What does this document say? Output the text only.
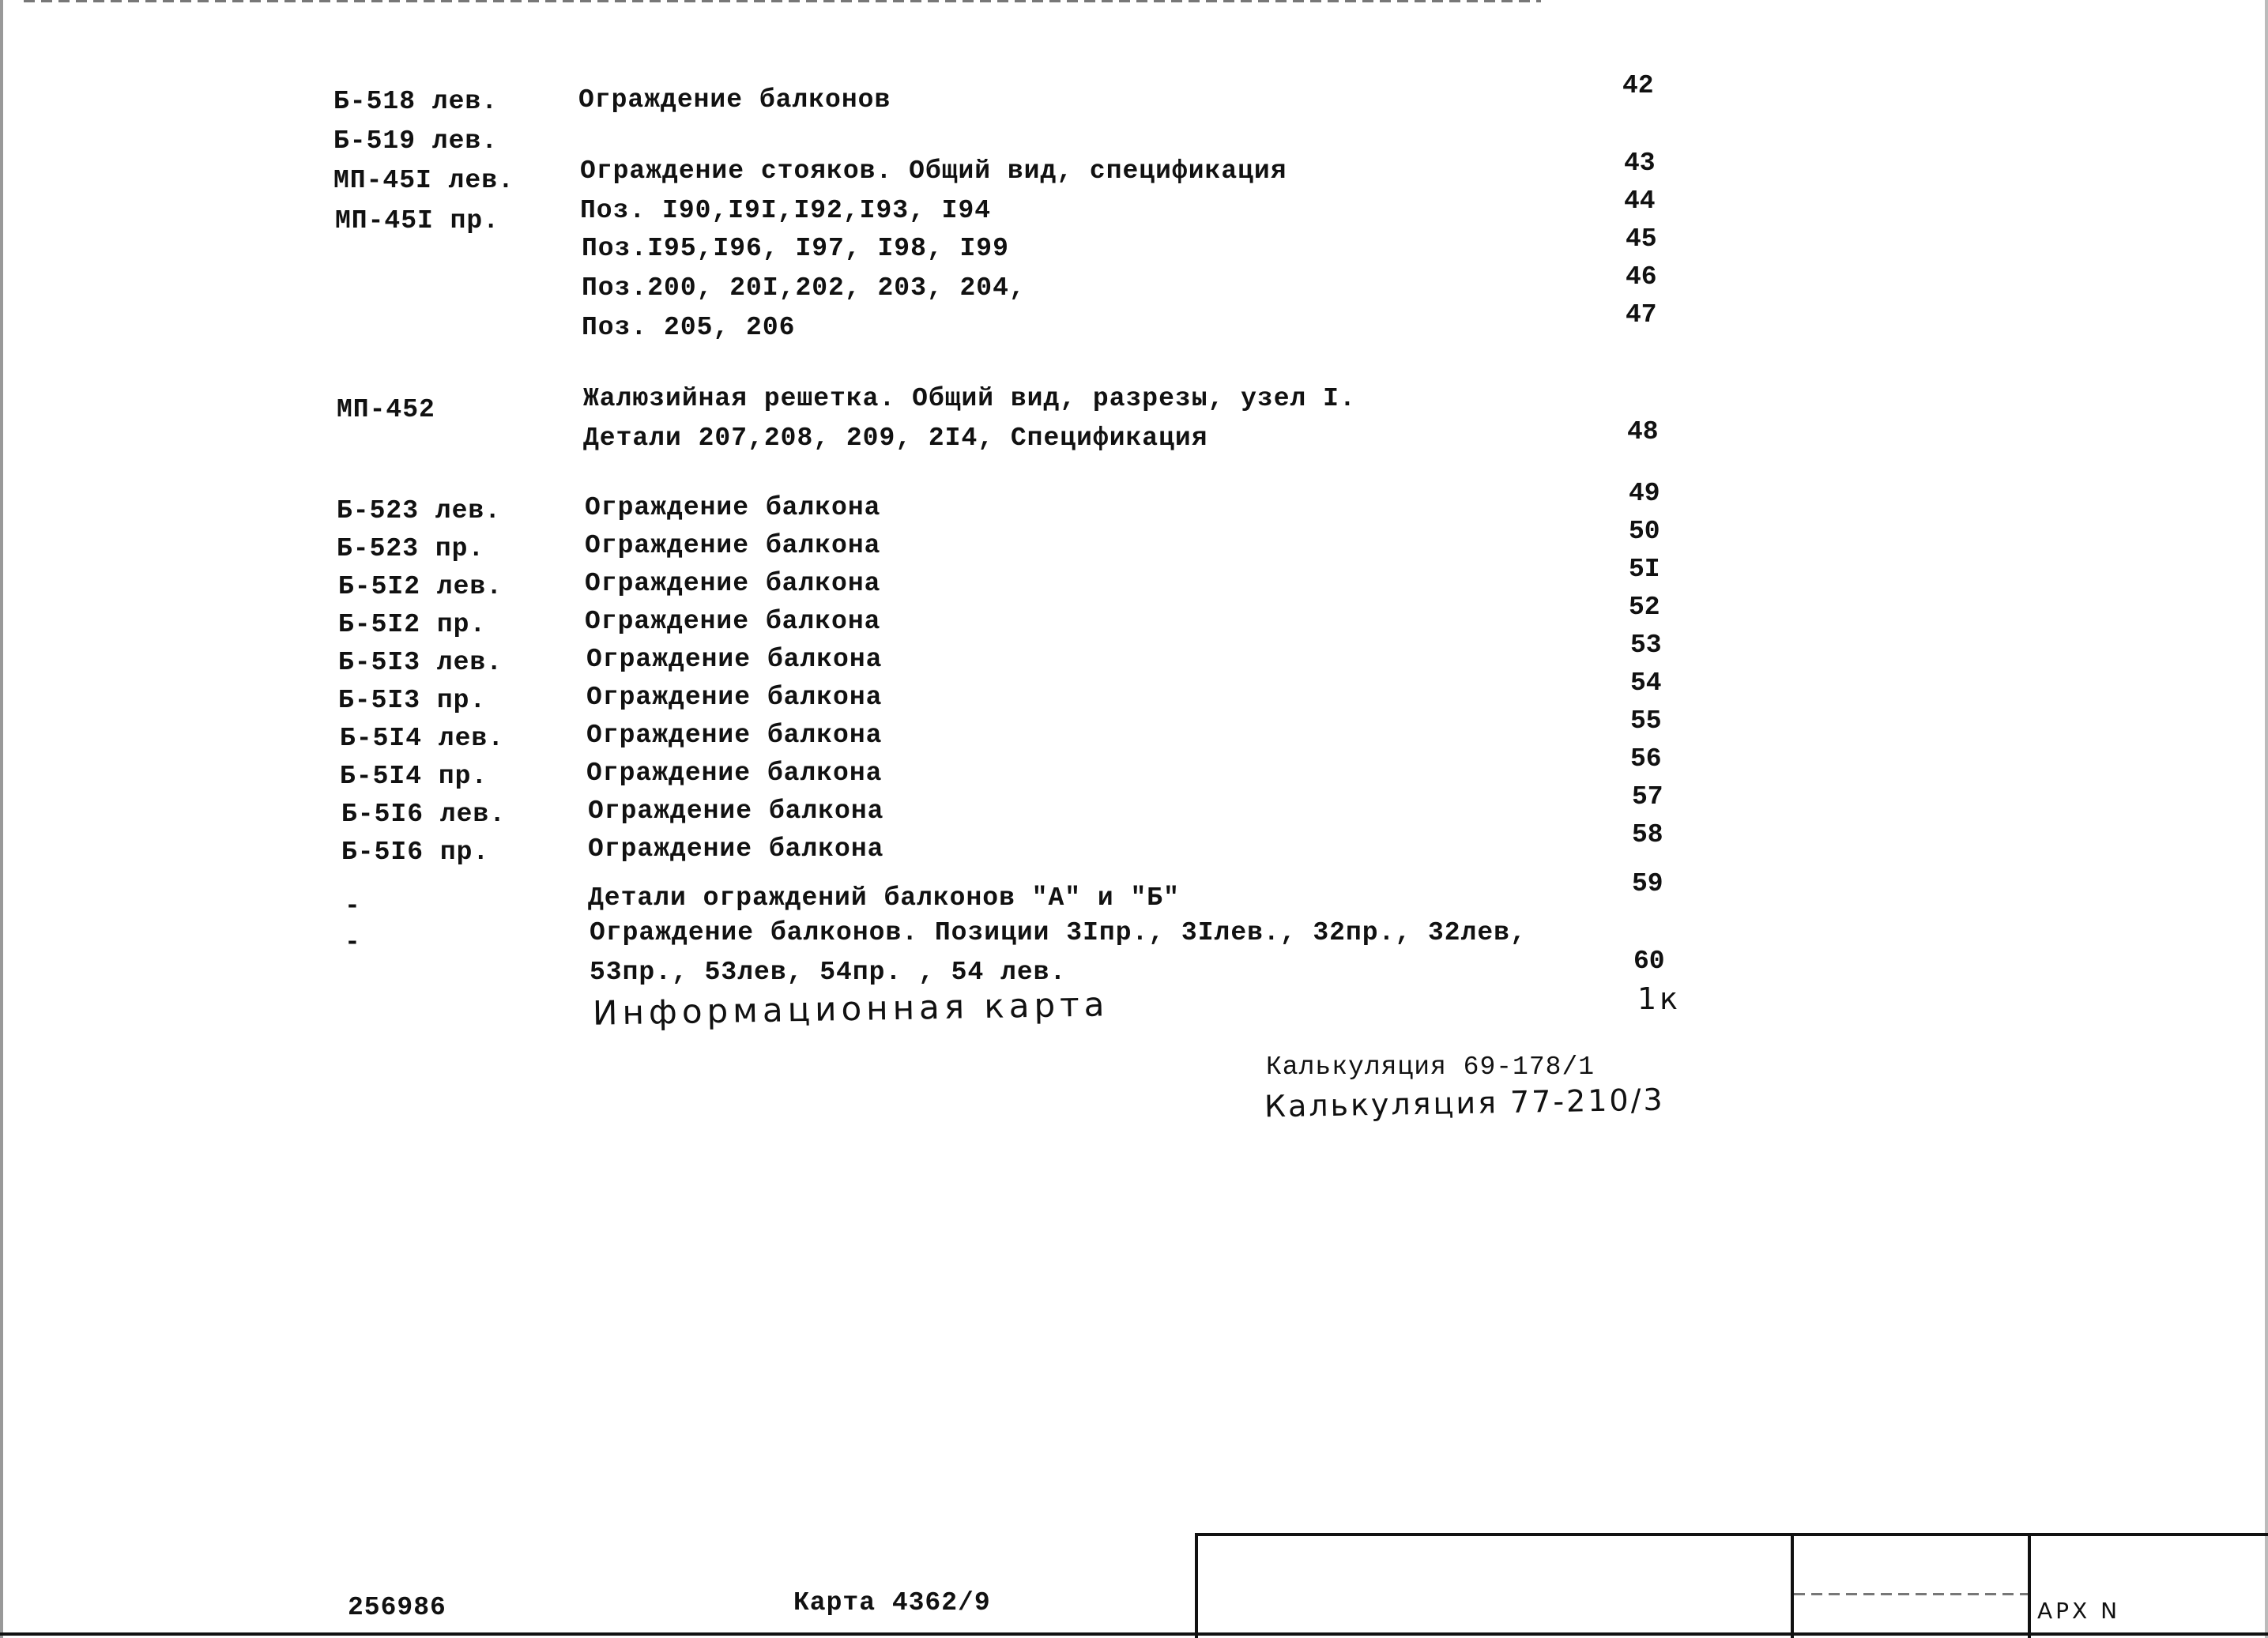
Б-518 лев.	Ограждение балконов	42
Б-519 лев.
МП-45I лев.	Ограждение стояков. Общий вид, спецификация	43
МП-45I пр.	Поз. I90,I9I,I92,I93, I94	44
Поз.I95,I96, I97, I98, I99	45
Поз.200, 20I,202, 203, 204,	46
Поз. 205, 206	47
МП-452	Жалюзийная решетка. Общий вид, разрезы, узел I.
Детали 207,208, 209, 2I4, Спецификация	48
Б-523 лев.	Ограждение балкона	49
Б-523 пр.	Ограждение балкона	50
Б-5I2 лев.	Ограждение балкона	5I
Б-5I2 пр.	Ограждение балкона	52
Б-5I3 лев.	Ограждение балкона	53
Б-5I3 пр.	Ограждение балкона	54
Б-5I4 лев.	Ограждение балкона	55
Б-5I4 пр.	Ограждение балкона	56
Б-5I6 лев.	Ограждение балкона	57
Б-5I6 пр.	Ограждение балкона	58
-	Детали ограждений балконов "А" и "Б"	59
-	Ограждение балконов. Позиции 3Iпр., 3Iлев., 32пр., 32лев,
53пр., 53лев, 54пр. , 54 лев.	60
Информационная карта	1к
Калькуляция 69-178/1
Калькуляция 77-210/3
256986	Карта 4362/9	АРХ N
